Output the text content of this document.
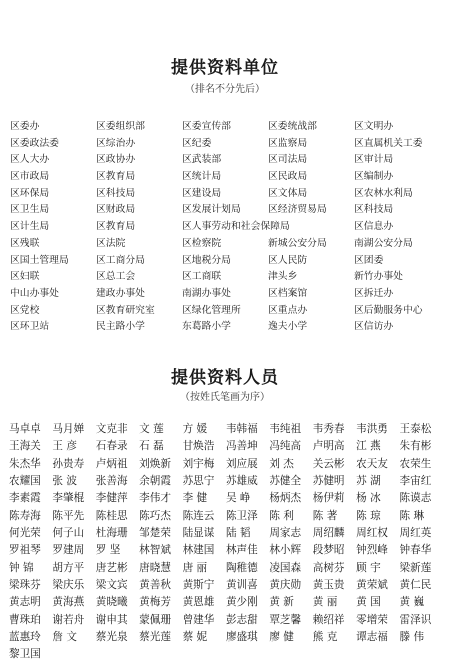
提供资料单位
（排名不分先后）
区委办	区委组织部	区委宣传部	区委统战部	区文明办
区委政法委	区综治办	区纪委	区监察局	区直属机关工委
区人大办	区政协办	区武装部	区司法局	区审计局
区市政局	区教育局	区统计局	区民政局	区编制办
区环保局	区科技局	区建设局	区文体局	区农林水利局
区卫生局	区财政局	区发展计划局	区经济贸易局	区科技局
区计生局	区教育局	区人事劳动和社会保障局	区信息办
区残联	区法院	区检察院	新城公安分局	南湖公安分局
区国土管理局	区工商分局	区地税分局	区人民防	区团委
区妇联	区总工会	区工商联	津头乡	新竹办事处
中山办事处	建政办事处	南湖办事处	区档案馆	区拆迁办
区党校	区教育研究室	区绿化管理所	区重点办	区后勤服务中心
区环卫站	民主路小学	东葛路小学	逸夫小学	区信访办
提供资料人员
（按姓氏笔画为序）
马卓卓	马月婵	文克非	文 莲	方 媛	韦韩福	韦纯祖	韦秀春	韦洪勇	王泰松
王海关	王 彦	石春录	石 磊	甘焕浩	冯善坤	冯纯高	卢明高	江 燕	朱有彬
朱杰华	孙贵寿	卢炳祖	刘焕新	刘宇梅	刘应展	刘 杰	关云彬	农天友	农荣生
农耀国	张 波	张善海	余朝霞	苏思宁	苏雄威	苏健全	苏健明	苏 湖	李宙红
李素霞	李肇棍	李健萍	李伟才	李 健	吴 峥	杨炳杰	杨伊莉	杨 冰	陈谟志
陈寿海	陈平先	陈桂思	陈巧杰	陈连云	陈卫泽	陈 利	陈 著	陈 琼	陈 琳
何光荣	何子山	杜海珊	邹楚荣	陆显谋	陆 韬	周家志	周绍麟	周红权	周红英
罗祖琴	罗建周	罗 坚	林智斌	林建国	林声佳	林小辉	段梦昭	钟烈峰	钟春华
钟 锦	胡方平	唐艺彬	唐晓慧	唐 丽	陶稚德	凌国森	高树芬	顾 宇	梁新莲
梁珠芬	梁庆乐	梁文宾	黄善秋	黄斯宁	黄训喜	黄庆勋	黄玉贵	黄荣斌	黄仁民
黄志明	黄海燕	黄晓曦	黄梅芳	黄恩雄	黄少刚	黄 新	黄 丽	黄 国	黄 巍
曹珠珀	谢若舟	谢申其	蒙佩珊	曾建华	彭志甜	覃芝馨	赖绍祥	零增荣	雷泽识
蓝惠玲	詹 文	蔡光泉	蔡光莲	蔡 妮	廖盛琪	廖 健	熊 克	谭志福	滕 伟
黎卫国
